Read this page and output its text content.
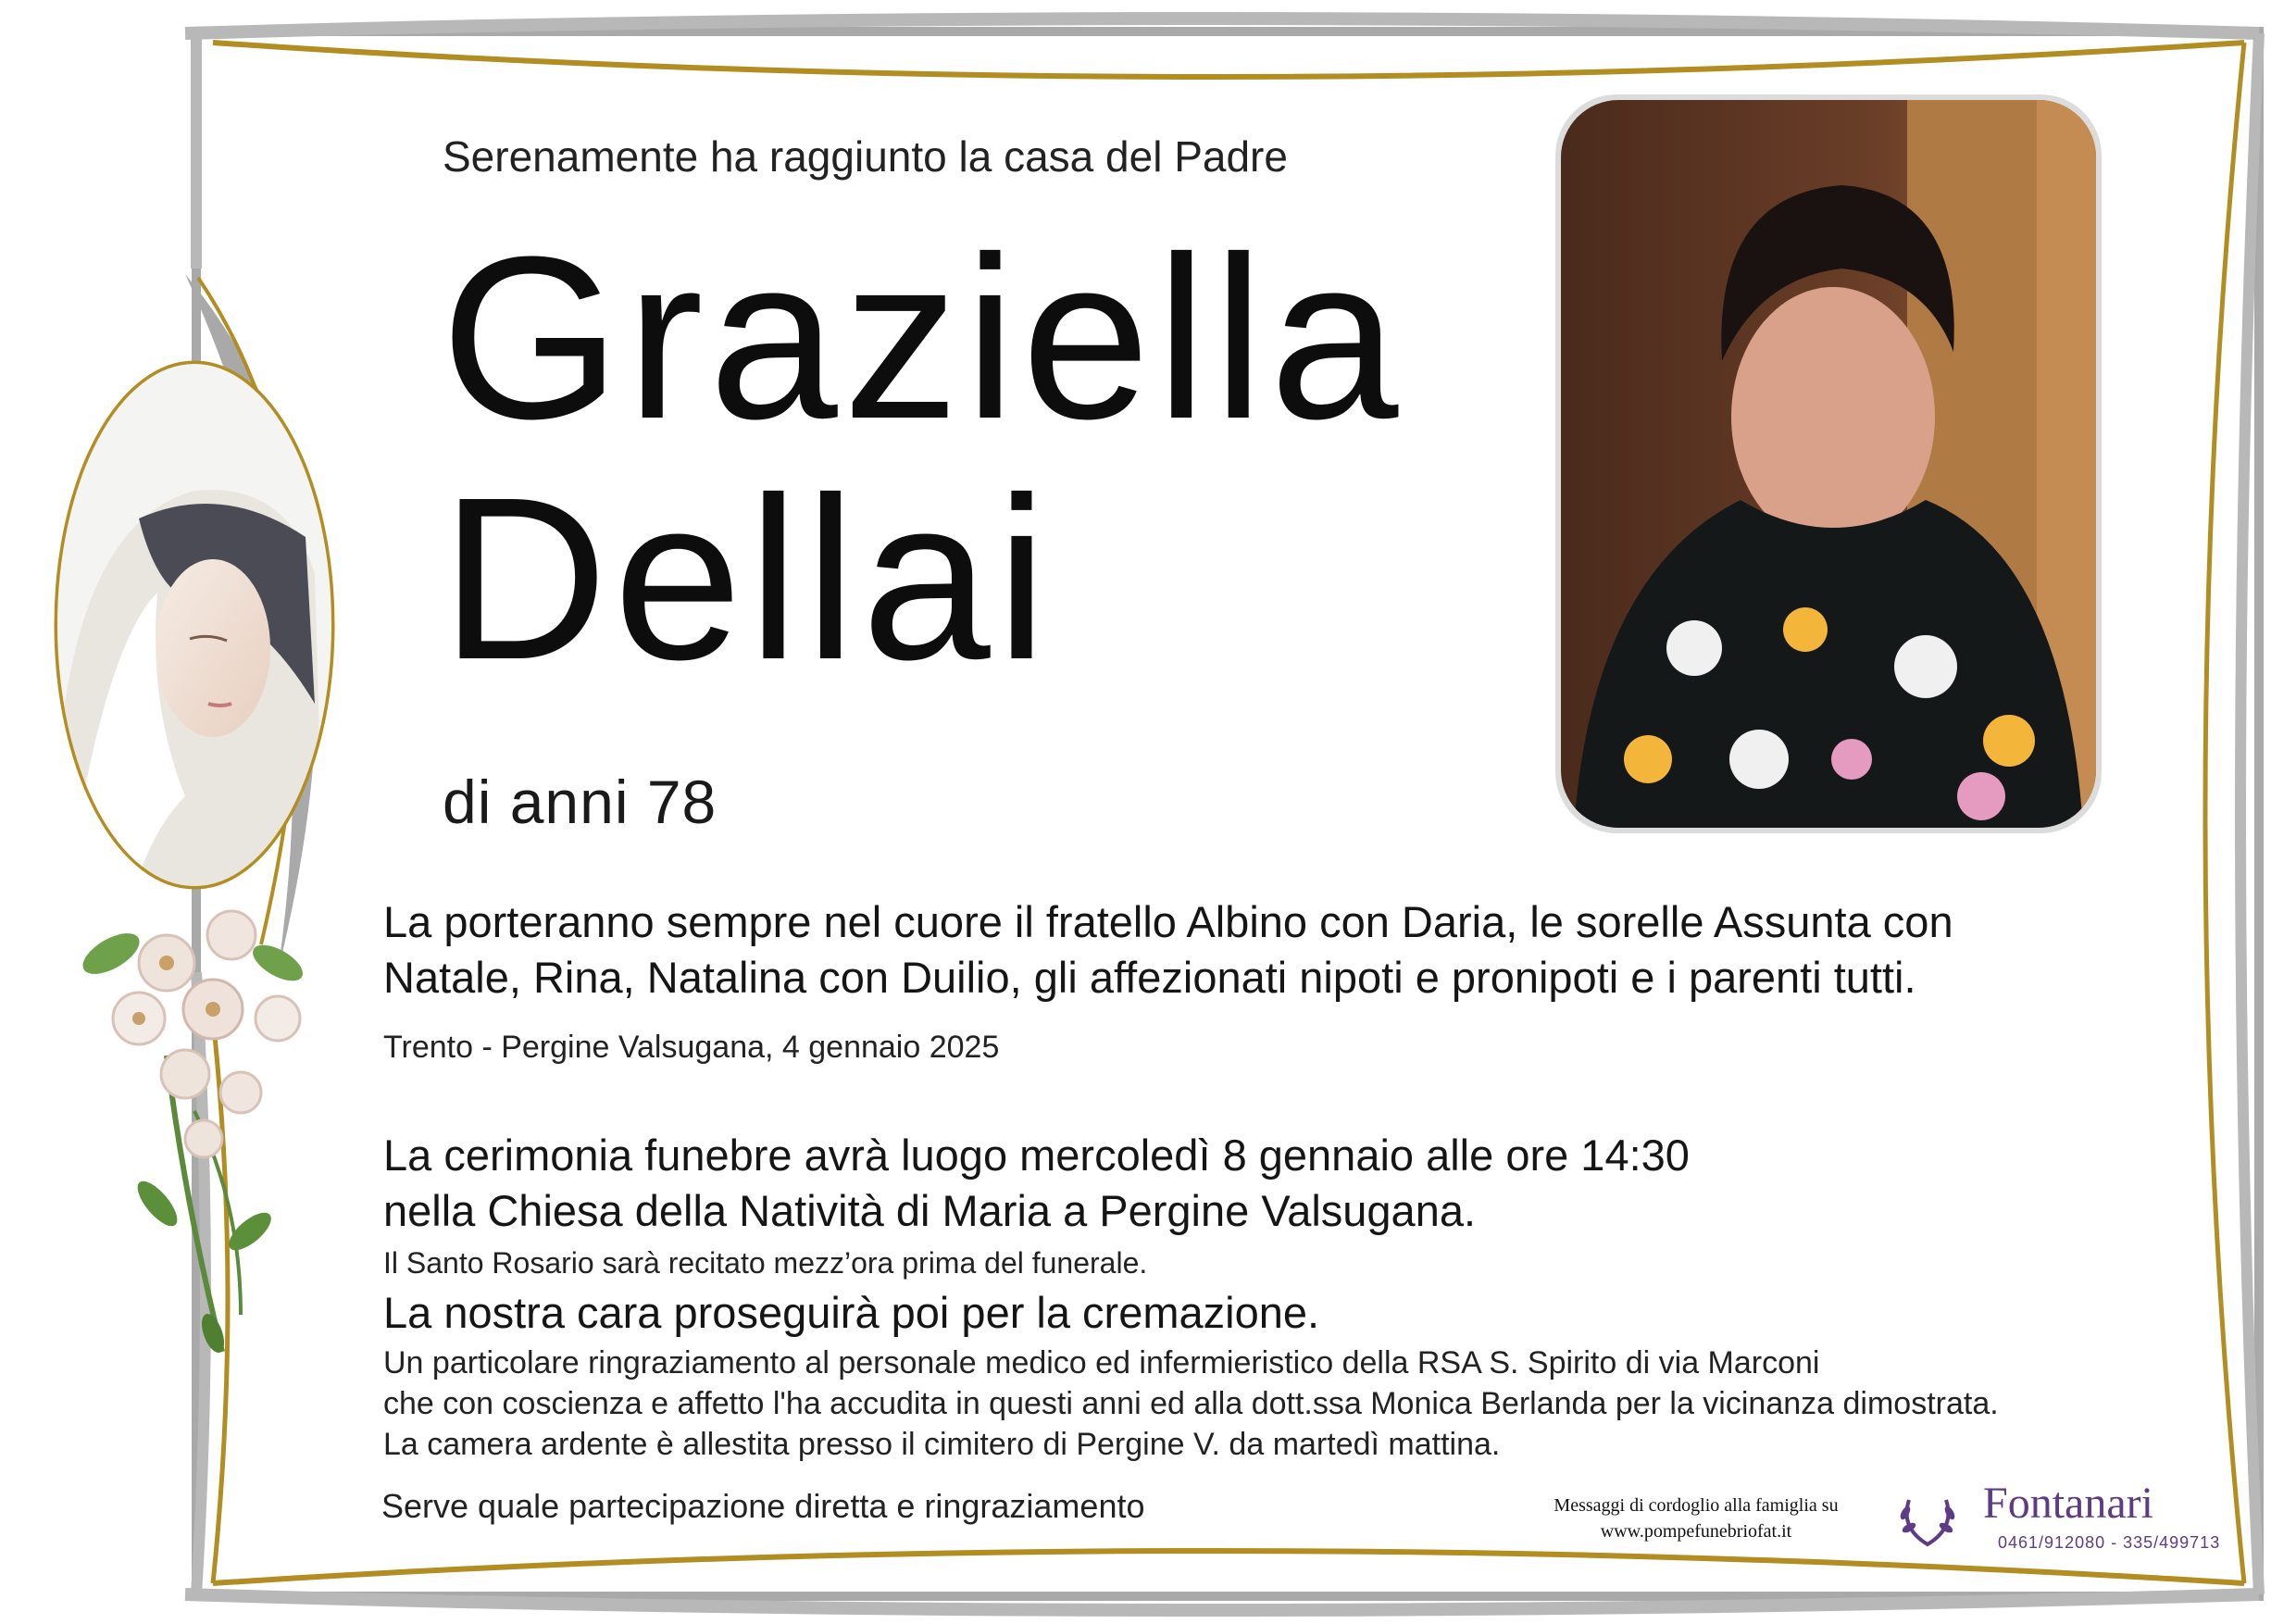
Serenamente ha raggiunto la casa del Padre
Graziella
Dellai
di anni 78
La porteranno sempre nel cuore il fratello Albino con Daria, le sorelle Assunta con
Natale, Rina, Natalina con Duilio, gli affezionati nipoti e pronipoti e i parenti tutti.
Trento - Pergine Valsugana, 4 gennaio 2025
La cerimonia funebre avrà luogo mercoledì 8 gennaio alle ore 14:30
nella Chiesa della Natività di Maria a Pergine Valsugana.
Il Santo Rosario sarà recitato mezz’ora prima del funerale.
La nostra cara proseguirà poi per la cremazione.
Un particolare ringraziamento al personale medico ed infermieristico della RSA S. Spirito di via Marconi
che con coscienza e affetto l'ha accudita in questi anni ed alla dott.ssa Monica Berlanda per la vicinanza dimostrata.
La camera ardente è allestita presso il cimitero di Pergine V. da martedì mattina.
Serve quale partecipazione diretta e ringraziamento	Messaggi di cordoglio alla famiglia su
www.pompefunebriofat.it
Fontanari
0461/912080 - 335/499713
